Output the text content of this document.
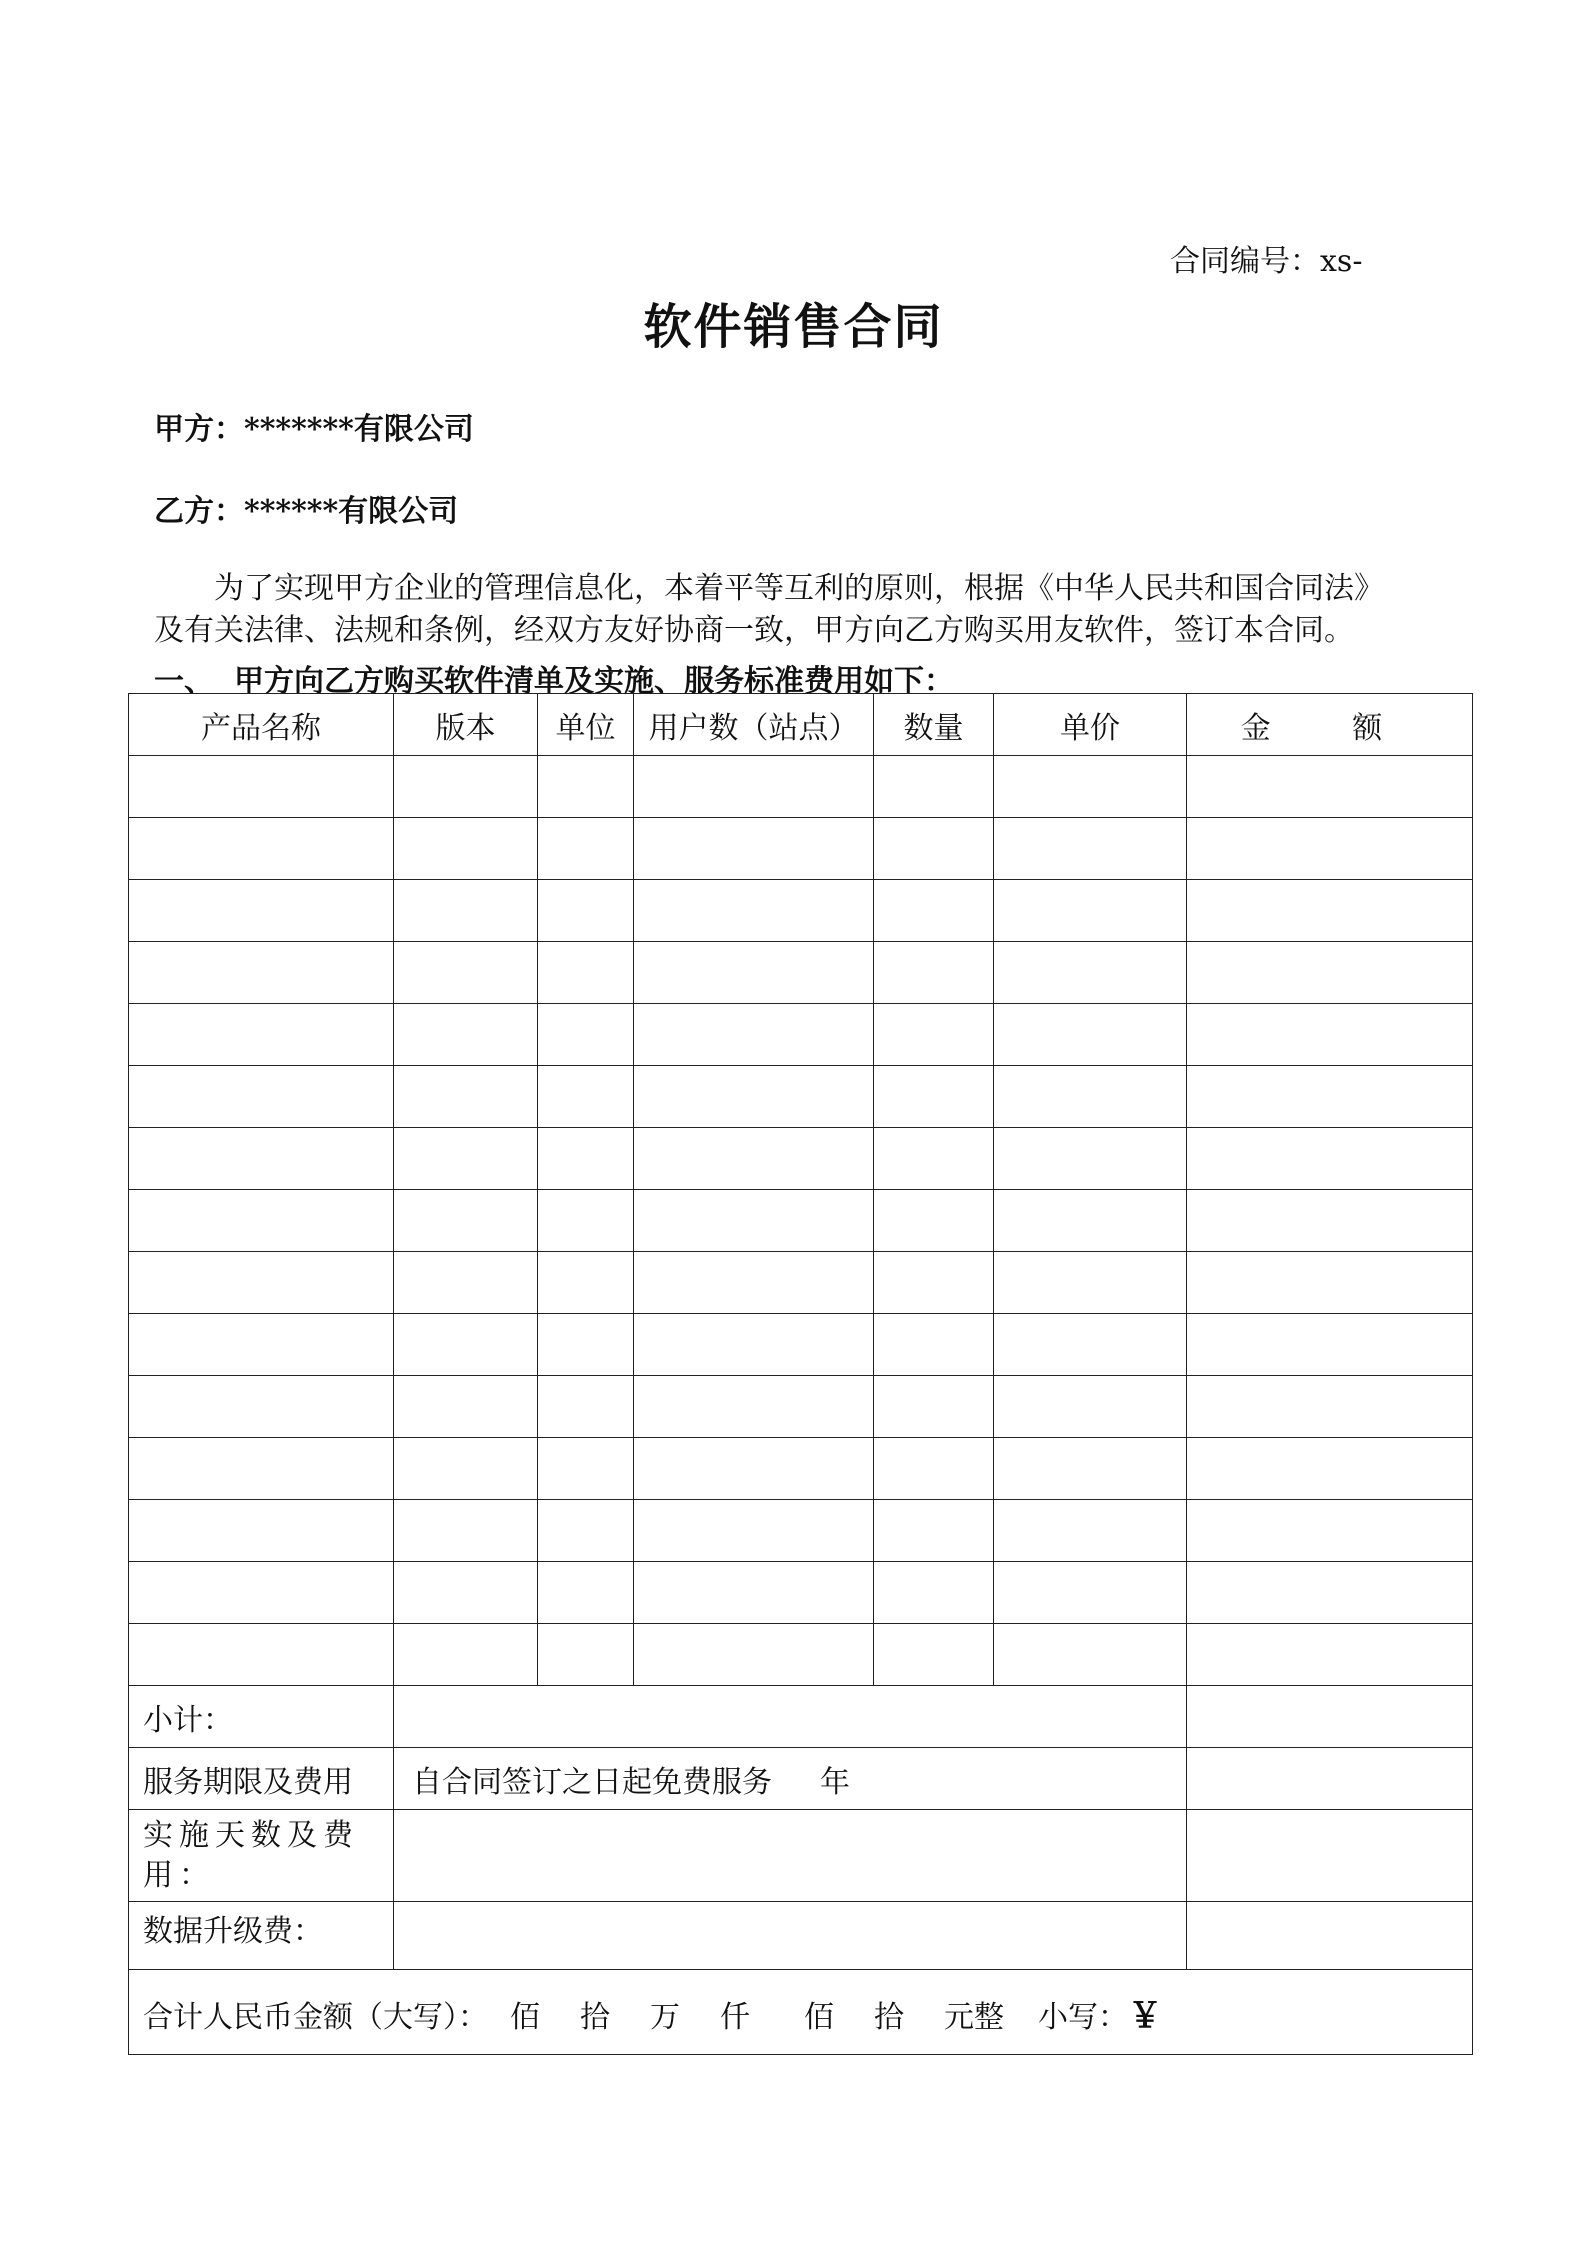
合同编号：xs-
软件销售合同
甲方：*******有限公司
乙方：******有限公司

为了实现甲方企业的管理信息化，本着平等互利的原则，根据《中华人民共和国合同法》
及有关法律、法规和条例，经双方友好协商一致，甲方向乙方购买用友软件，签订本合同。

一、 甲方向乙方购买软件清单及实施、服务标准费用如下：
产品名称	版本	单位	用户数（站点）	数量	单价	金 额

小计：						
服务期限及费用	自合同签订之日起免费服务 年					
实施天数及费用：						
数据升级费：						
合计人民币金额（大写）： 佰 拾 万 仟 佰 拾 元整 小写：￥						
